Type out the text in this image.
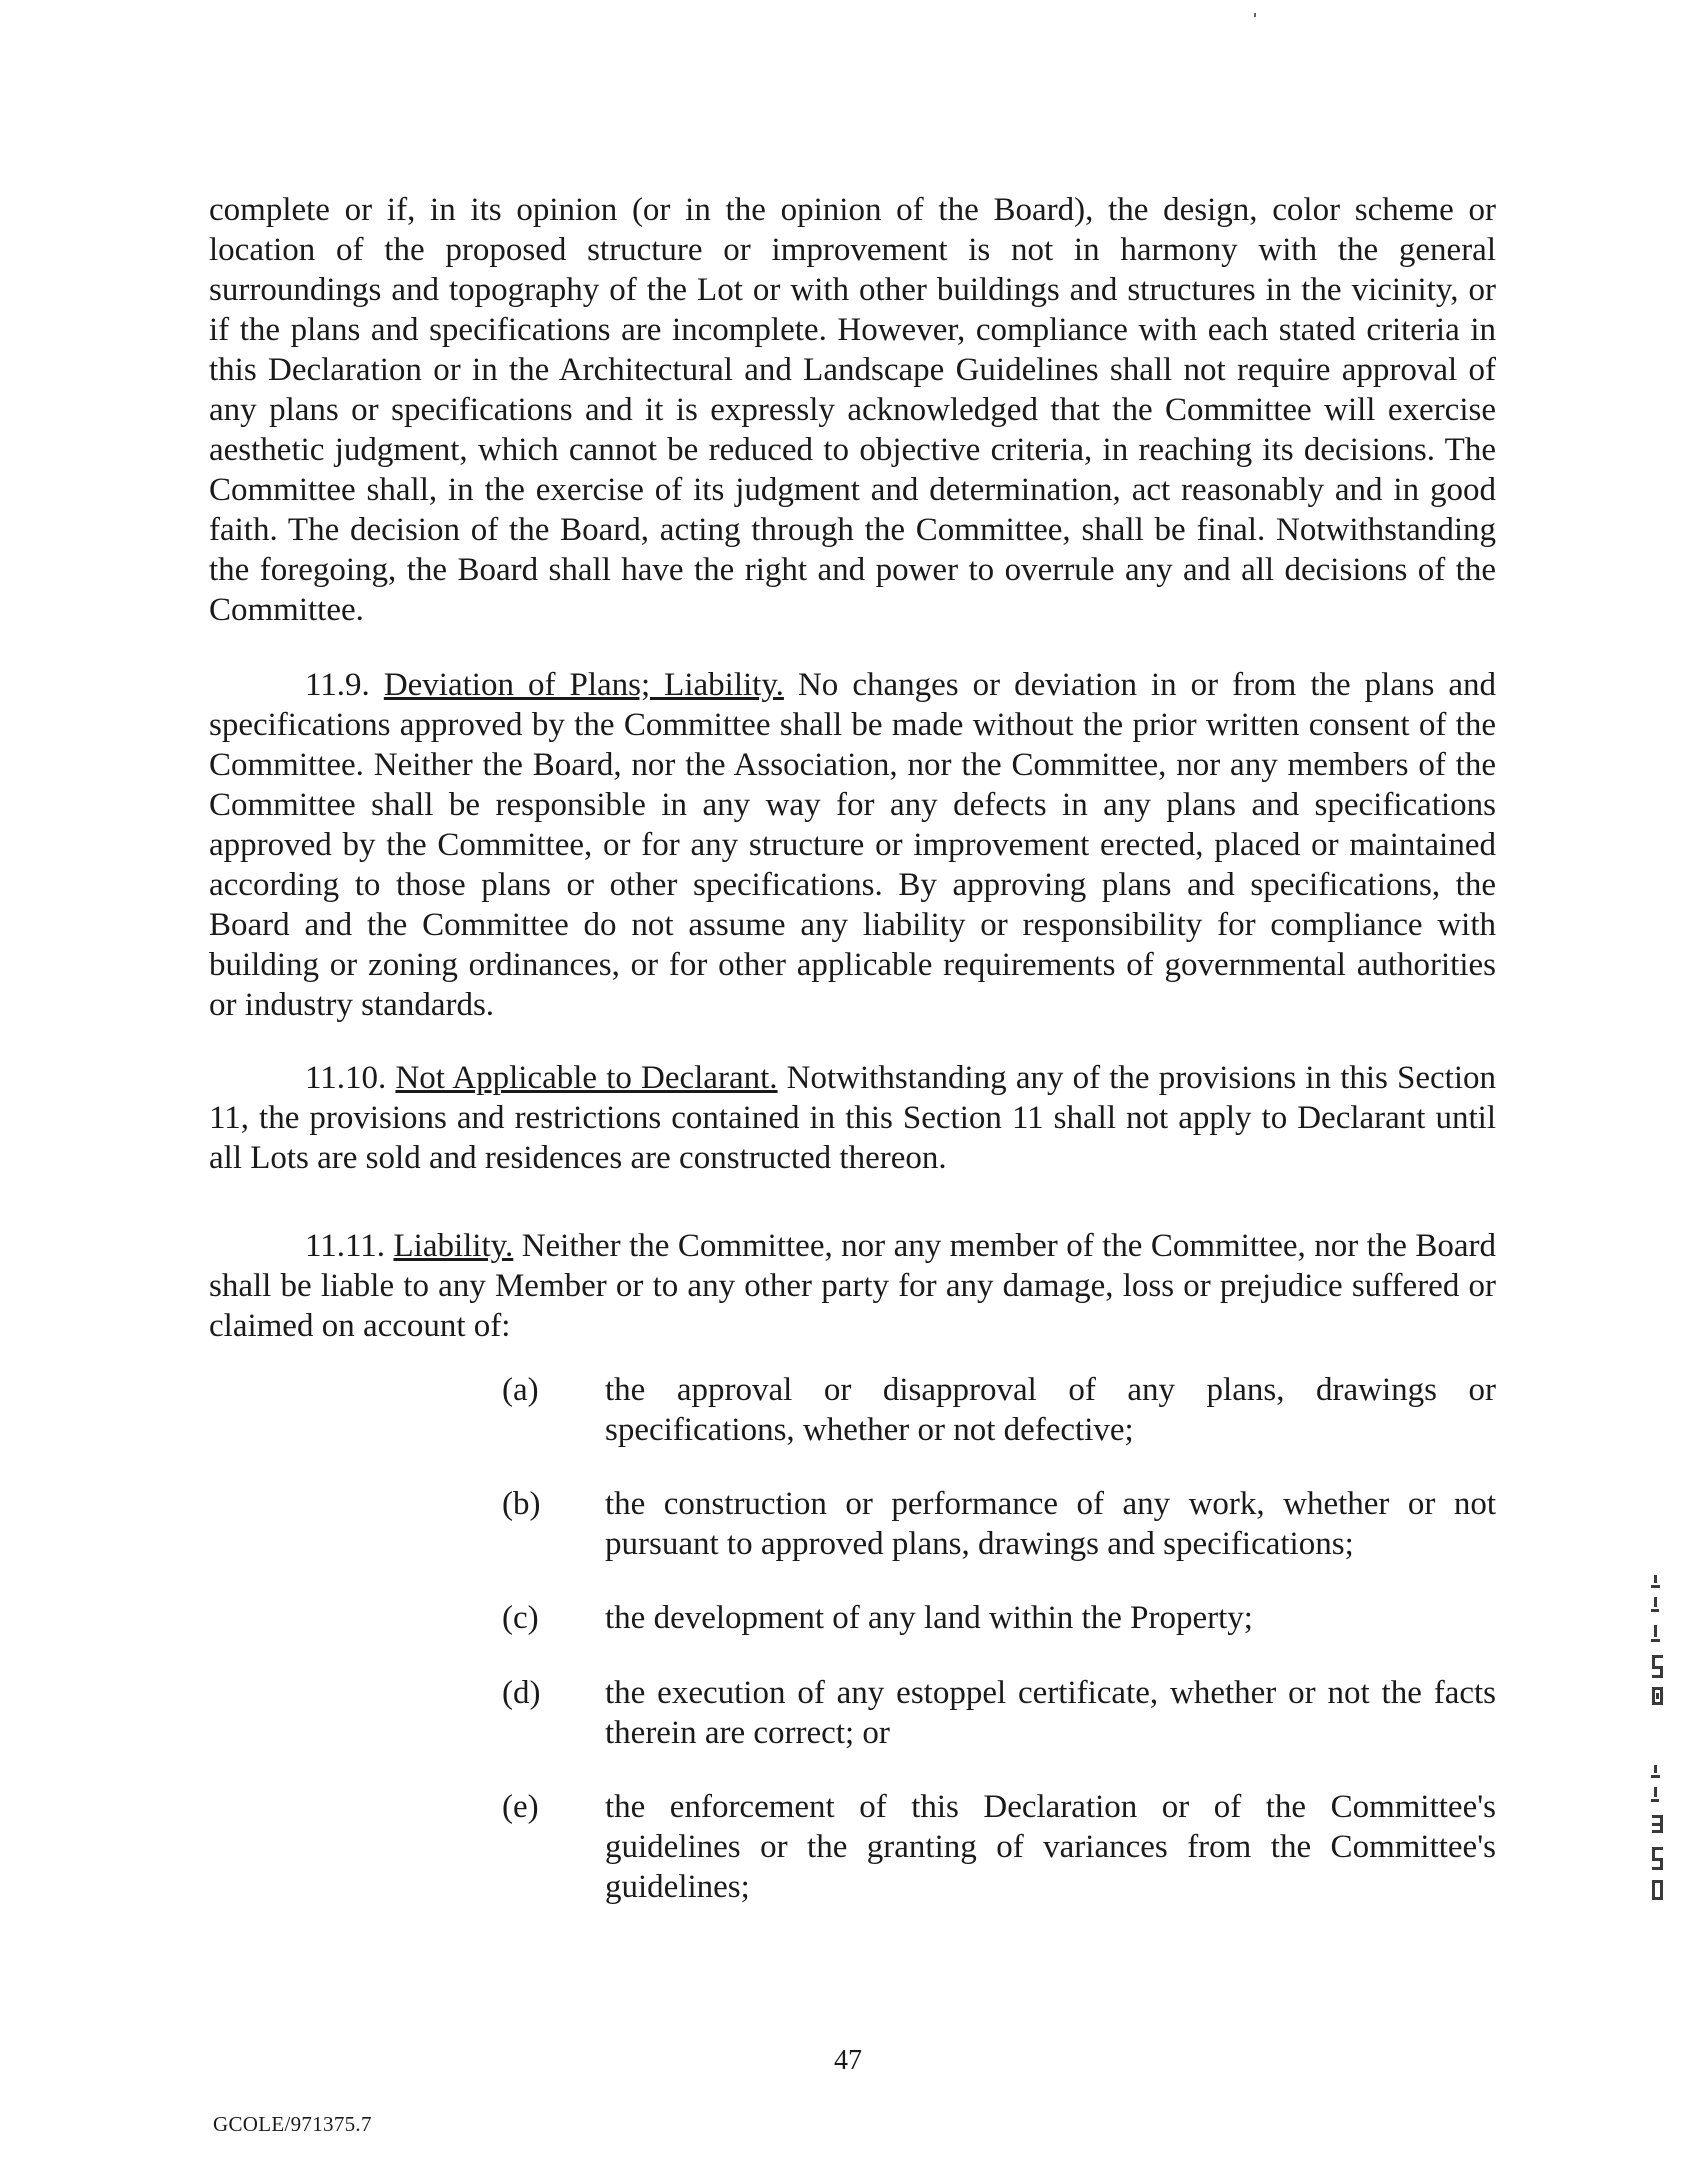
complete or if, in its opinion (or in the opinion of the Board), the design, color scheme or location of the proposed structure or improvement is not in harmony with the general surroundings and topography of the Lot or with other buildings and structures in the vicinity, or if the plans and specifications are incomplete. However, compliance with each stated criteria in this Declaration or in the Architectural and Landscape Guidelines shall not require approval of any plans or specifications and it is expressly acknowledged that the Committee will exercise aesthetic judgment, which cannot be reduced to objective criteria, in reaching its decisions. The Committee shall, in the exercise of its judgment and determination, act reasonably and in good faith. The decision of the Board, acting through the Committee, shall be final. Notwithstanding the foregoing, the Board shall have the right and power to overrule any and all decisions of the Committee.
11.9. Deviation of Plans; Liability. No changes or deviation in or from the plans and specifications approved by the Committee shall be made without the prior written consent of the Committee. Neither the Board, nor the Association, nor the Committee, nor any members of the Committee shall be responsible in any way for any defects in any plans and specifications approved by the Committee, or for any structure or improvement erected, placed or maintained according to those plans or other specifications. By approving plans and specifications, the Board and the Committee do not assume any liability or responsibility for compliance with building or zoning ordinances, or for other applicable requirements of governmental authorities or industry standards.
11.10. Not Applicable to Declarant. Notwithstanding any of the provisions in this Section 11, the provisions and restrictions contained in this Section 11 shall not apply to Declarant until all Lots are sold and residences are constructed thereon.
11.11. Liability. Neither the Committee, nor any member of the Committee, nor the Board shall be liable to any Member or to any other party for any damage, loss or prejudice suffered or claimed on account of:
(a)	the approval or disapproval of any plans, drawings or specifications, whether or not defective;
(b)	the construction or performance of any work, whether or not pursuant to approved plans, drawings and specifications;
(c)	the development of any land within the Property;
(d)	the execution of any estoppel certificate, whether or not the facts therein are correct; or
(e)	the enforcement of this Declaration or of the Committee's guidelines or the granting of variances from the Committee's guidelines;
47
GCOLE/971375.7
